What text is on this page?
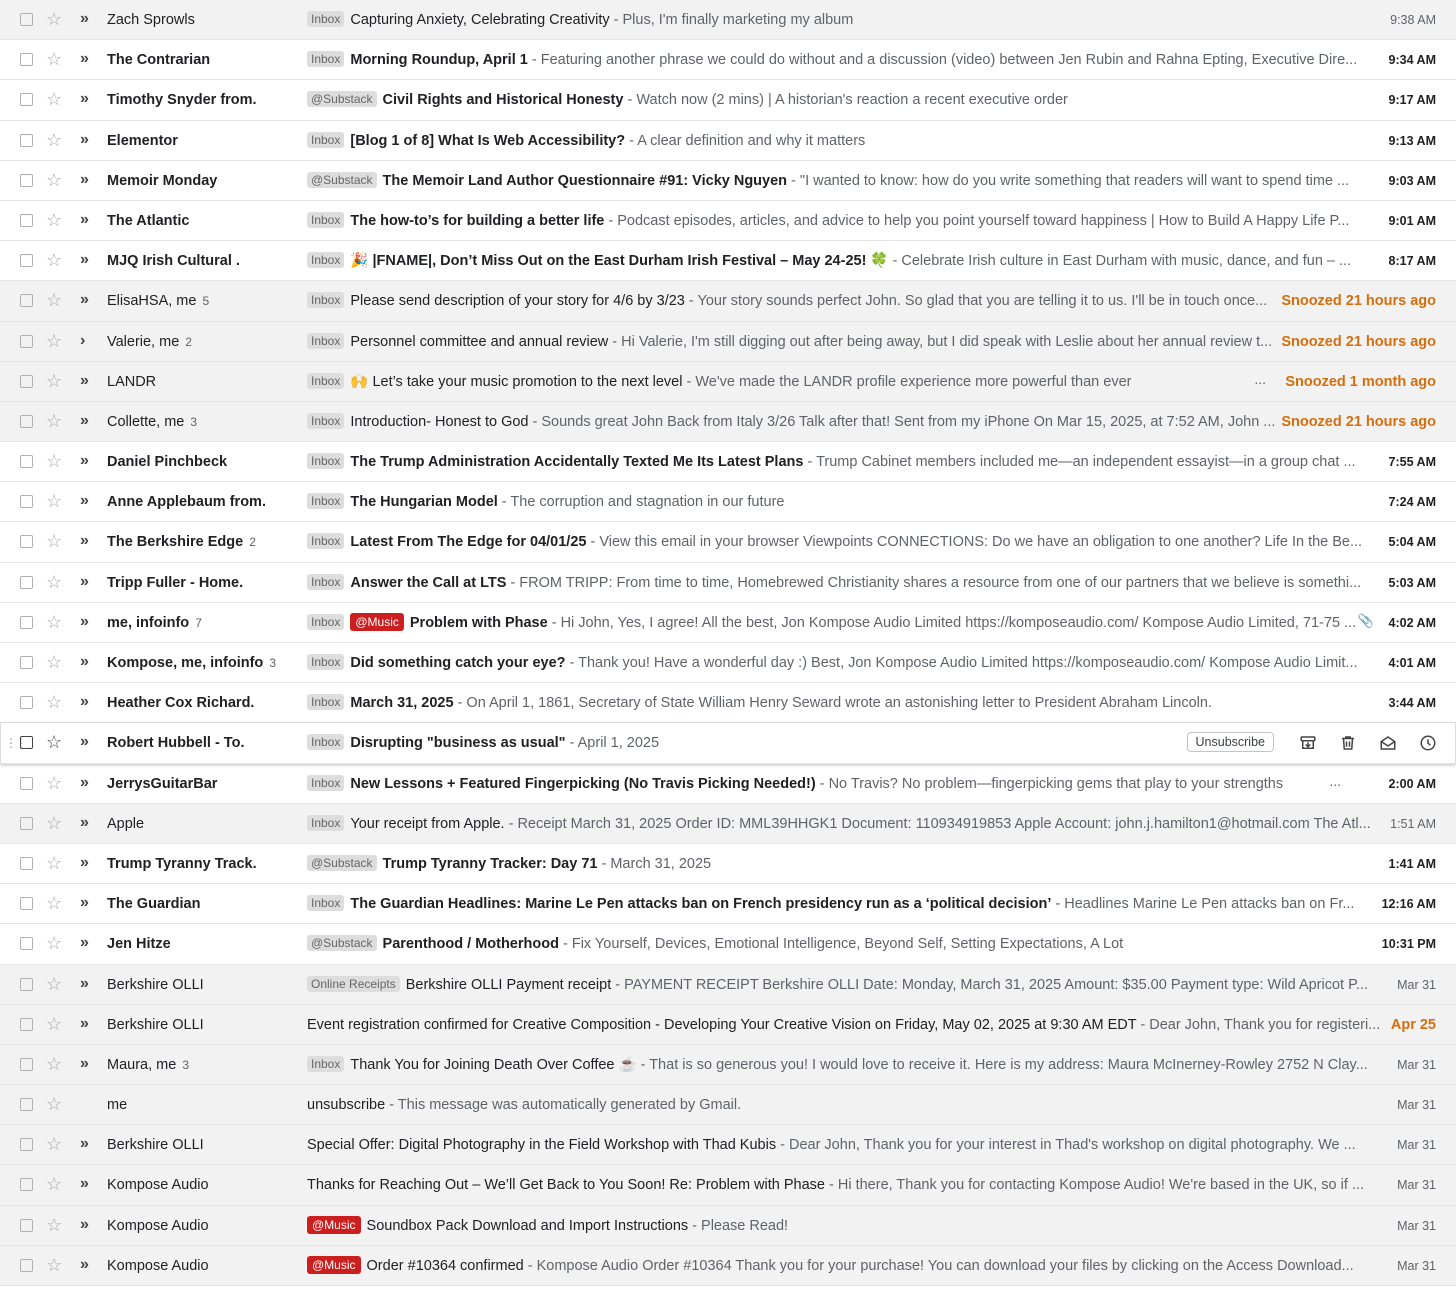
☆ » Zach Sprowls	Inbox Capturing Anxiety, Celebrating Creativity - Plus, I'm finally marketing my album	9:38 AM
☆ » The Contrarian	Inbox Morning Roundup, April 1 - Featuring another phrase we could do without and a discussion (video) between Jen Rubin and Rahna Epting, Executive Dire...	9:34 AM
☆ » Timothy Snyder from.	@Substack Civil Rights and Historical Honesty - Watch now (2 mins) | A historian's reaction a recent executive order	9:17 AM
☆ » Elementor	Inbox [Blog 1 of 8] What Is Web Accessibility? - A clear definition and why it matters	9:13 AM
☆ » Memoir Monday	@Substack The Memoir Land Author Questionnaire #91: Vicky Nguyen - "I wanted to know: how do you write something that readers will want to spend time ...	9:03 AM
☆ » The Atlantic	Inbox The how-to’s for building a better life - Podcast episodes, articles, and advice to help you point yourself toward happiness | How to Build A Happy Life P...	9:01 AM
☆ » MJQ Irish Cultural .	Inbox 🎉 |FNAME|, Don’t Miss Out on the East Durham Irish Festival – May 24-25! 🍀 - Celebrate Irish culture in East Durham with music, dance, and fun – ...	8:17 AM
☆ » ElisaHSA, me 5	Inbox Please send description of your story for 4/6 by 3/23 - Your story sounds perfect John. So glad that you are telling it to us. I'll be in touch once... Snoozed 21 hours ago
☆ › Valerie, me 2	Inbox Personnel committee and annual review - Hi Valerie, I'm still digging out after being away, but I did speak with Leslie about her annual review t... Snoozed 21 hours ago
☆ » LANDR	Inbox 🙌 Let’s take your music promotion to the next level - We've made the LANDR profile experience more powerful than ever	... Snoozed 1 month ago
☆ » Collette, me 3	Inbox Introduction- Honest to God - Sounds great John Back from Italy 3/26 Talk after that! Sent from my iPhone On Mar 15, 2025, at 7:52 AM, John ... Snoozed 21 hours ago
☆ » Daniel Pinchbeck	Inbox The Trump Administration Accidentally Texted Me Its Latest Plans - Trump Cabinet members included me—an independent essayist—in a group chat ...	7:55 AM
☆ » Anne Applebaum from.	Inbox The Hungarian Model - The corruption and stagnation in our future	7:24 AM
☆ » The Berkshire Edge 2	Inbox Latest From The Edge for 04/01/25 - View this email in your browser Viewpoints CONNECTIONS: Do we have an obligation to one another? Life In the Be... 5:04 AM
☆ » Tripp Fuller - Home.	Inbox Answer the Call at LTS - FROM TRIPP: From time to time, Homebrewed Christianity shares a resource from one of our partners that we believe is somethi... 5:03 AM
☆ » me, infoinfo 7	Inbox @Music Problem with Phase - Hi John, Yes, I agree! All the best, Jon Kompose Audio Limited https://komposeaudio.com/ Kompose Audio Limited, 71-75 ... 📎 4:02 AM
☆ » Kompose, me, infoinfo 3	Inbox Did something catch your eye? - Thank you! Have a wonderful day :) Best, Jon Kompose Audio Limited https://komposeaudio.com/ Kompose Audio Limit... 4:01 AM
☆ » Heather Cox Richard.	Inbox March 31, 2025 - On April 1, 1861, Secretary of State William Henry Seward wrote an astonishing letter to President Abraham Lincoln.	3:44 AM
⋮⋮ ☆ » Robert Hubbell - To.	Inbox Disrupting "business as usual" - April 1, 2025	Unsubscribe
☆ » JerrysGuitarBar	Inbox New Lessons + Featured Fingerpicking (No Travis Picking Needed!) - No Travis? No problem—fingerpicking gems that play to your strengths	...	2:00 AM
☆ » Apple	Inbox Your receipt from Apple. - Receipt March 31, 2025 Order ID: MML39HHGK1 Document: 110934919853 Apple Account: john.j.hamilton1@hotmail.com The Atl... 1:51 AM
☆ » Trump Tyranny Track.	@Substack Trump Tyranny Tracker: Day 71 - March 31, 2025	1:41 AM
☆ » The Guardian	Inbox The Guardian Headlines: Marine Le Pen attacks ban on French presidency run as a ‘political decision’ - Headlines Marine Le Pen attacks ban on Fr... 12:16 AM
☆ » Jen Hitze	@Substack Parenthood / Motherhood - Fix Yourself, Devices, Emotional Intelligence, Beyond Self, Setting Expectations, A Lot	10:31 PM
☆ » Berkshire OLLI	Online Receipts Berkshire OLLI Payment receipt - PAYMENT RECEIPT Berkshire OLLI Date: Monday, March 31, 2025 Amount: $35.00 Payment type: Wild Apricot P... Mar 31
☆ » Berkshire OLLI	Event registration confirmed for Creative Composition - Developing Your Creative Vision on Friday, May 02, 2025 at 9:30 AM EDT - Dear John, Thank you for registeri... Apr 25
☆ » Maura, me 3	Inbox Thank You for Joining Death Over Coffee ☕ - That is so generous you! I would love to receive it. Here is my address: Maura McInerney-Rowley 2752 N Clay... Mar 31
☆	me	unsubscribe - This message was automatically generated by Gmail.	Mar 31
☆ » Berkshire OLLI	Special Offer: Digital Photography in the Field Workshop with Thad Kubis - Dear John, Thank you for your interest in Thad's workshop on digital photography. We ...	Mar 31
☆ » Kompose Audio	Thanks for Reaching Out – We’ll Get Back to You Soon! Re: Problem with Phase - Hi there, Thank you for contacting Kompose Audio! We're based in the UK, so if ...	Mar 31
☆ » Kompose Audio	@Music Soundbox Pack Download and Import Instructions - Please Read!	Mar 31
☆ » Kompose Audio	@Music Order #10364 confirmed - Kompose Audio Order #10364 Thank you for your purchase! You can download your files by clicking on the Access Download...	Mar 31
